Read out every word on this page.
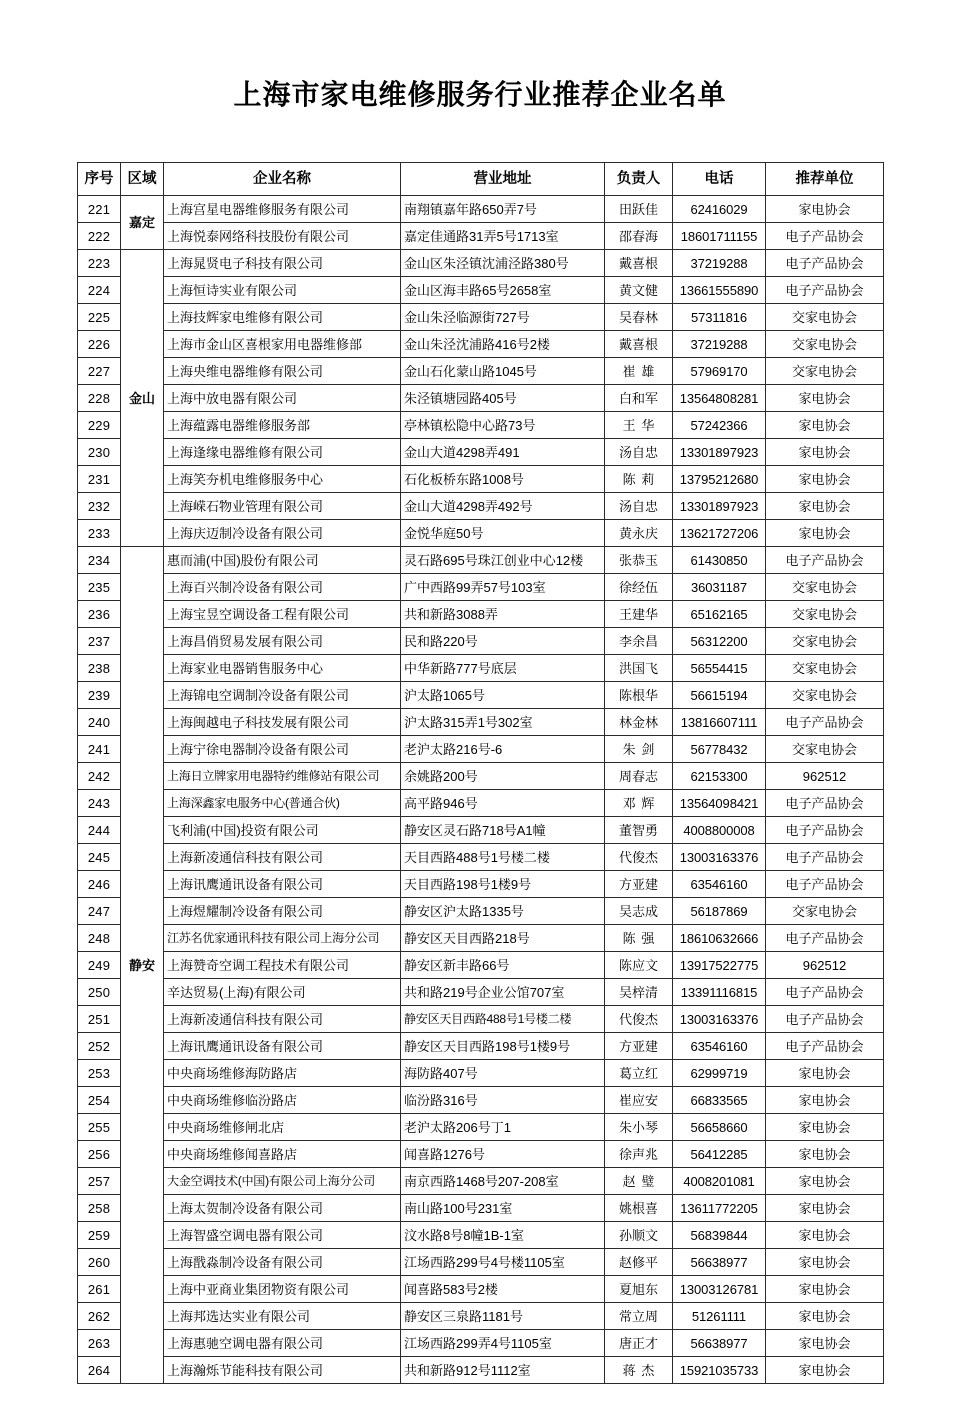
上海市家电维修服务行业推荐企业名单
序号	区域	企业名称	营业地址	负责人	电话	推荐单位
221	嘉定	上海宫星电器维修服务有限公司	南翔镇嘉年路650弄7号	田跃佳	62416029	家电协会
222		上海悦泰网络科技股份有限公司	嘉定佳通路31弄5号1713室	邵春海	18601711155	电子产品协会
223	金山	上海晁贤电子科技有限公司	金山区朱泾镇沈浦泾路380号	戴喜根	37219288	电子产品协会
224		上海恒诗实业有限公司	金山区海丰路65号2658室	黄文健	13661555890	电子产品协会
225		上海技辉家电维修有限公司	金山朱泾临源街727号	吴春林	57311816	交家电协会
226		上海市金山区喜根家用电器维修部	金山朱泾沈浦路416号2楼	戴喜根	37219288	交家电协会
227		上海央维电器维修有限公司	金山石化蒙山路1045号	崔雄	57969170	交家电协会
228		上海中放电器有限公司	朱泾镇塘园路405号	白和军	13564808281	家电协会
229		上海蕴露电器维修服务部	亭林镇松隐中心路73号	王华	57242366	家电协会
230		上海逢缘电器维修有限公司	金山大道4298弄491	汤自忠	13301897923	家电协会
231		上海笑夯机电维修服务中心	石化板桥东路1008号	陈莉	13795212680	家电协会
232		上海嵘石物业管理有限公司	金山大道4298弄492号	汤自忠	13301897923	家电协会
233		上海庆迈制冷设备有限公司	金悦华庭50号	黄永庆	13621727206	家电协会
234	静安	惠而浦(中国)股份有限公司	灵石路695号珠江创业中心12楼	张恭玉	61430850	电子产品协会
235		上海百兴制冷设备有限公司	广中西路99弄57号103室	徐经伍	36031187	交家电协会
236		上海宝昱空调设备工程有限公司	共和新路3088弄	王建华	65162165	交家电协会
237		上海昌俏贸易发展有限公司	民和路220号	李余昌	56312200	交家电协会
238		上海家业电器销售服务中心	中华新路777号底层	洪国飞	56554415	交家电协会
239		上海锦电空调制冷设备有限公司	沪太路1065号	陈根华	56615194	交家电协会
240		上海闽越电子科技发展有限公司	沪太路315弄1号302室	林金林	13816607111	电子产品协会
241		上海宁徐电器制冷设备有限公司	老沪太路216号-6	朱剑	56778432	交家电协会
242		上海日立牌家用电器特约维修站有限公司	余姚路200号	周春志	62153300	962512
243		上海深鑫家电服务中心(普通合伙)	高平路946号	邓辉	13564098421	电子产品协会
244		飞利浦(中国)投资有限公司	静安区灵石路718号A1幢	董智勇	4008800008	电子产品协会
245		上海新凌通信科技有限公司	天目西路488号1号楼二楼	代俊杰	13003163376	电子产品协会
246		上海讯鹰通讯设备有限公司	天目西路198号1楼9号	方亚建	63546160	电子产品协会
247		上海煜耀制冷设备有限公司	静安区沪太路1335号	吴志成	56187869	交家电协会
248		江苏名优家通讯科技有限公司上海分公司	静安区天目西路218号	陈强	18610632666	电子产品协会
249		上海赞奇空调工程技术有限公司	静安区新丰路66号	陈应文	13917522775	962512
250		辛达贸易(上海)有限公司	共和路219号企业公馆707室	吴梓清	13391116815	电子产品协会
251		上海新凌通信科技有限公司	静安区天目西路488号1号楼二楼	代俊杰	13003163376	电子产品协会
252		上海讯鹰通讯设备有限公司	静安区天目西路198号1楼9号	方亚建	63546160	电子产品协会
253		中央商场维修海防路店	海防路407号	葛立红	62999719	家电协会
254		中央商场维修临汾路店	临汾路316号	崔应安	66833565	家电协会
255		中央商场维修闸北店	老沪太路206号丁1	朱小琴	56658660	家电协会
256		中央商场维修闻喜路店	闻喜路1276号	徐声兆	56412285	家电协会
257		大金空调技术(中国)有限公司上海分公司	南京西路1468号207-208室	赵璧	4008201081	家电协会
258		上海太贺制冷设备有限公司	南山路100号231室	姚根喜	13611772205	家电协会
259		上海智盛空调电器有限公司	汶水路8号8幢1B-1室	孙顺文	56839844	家电协会
260		上海戬淼制冷设备有限公司	江场西路299号4号楼1105室	赵修平	56638977	家电协会
261		上海中亚商业集团物资有限公司	闻喜路583号2楼	夏旭东	13003126781	家电协会
262		上海邦选达实业有限公司	静安区三泉路1181号	常立周	51261111	家电协会
263		上海惠驰空调电器有限公司	江场西路299弄4号1105室	唐正才	56638977	家电协会
264		上海瀚烁节能科技有限公司	共和新路912号1112室	蒋杰	15921035733	家电协会
